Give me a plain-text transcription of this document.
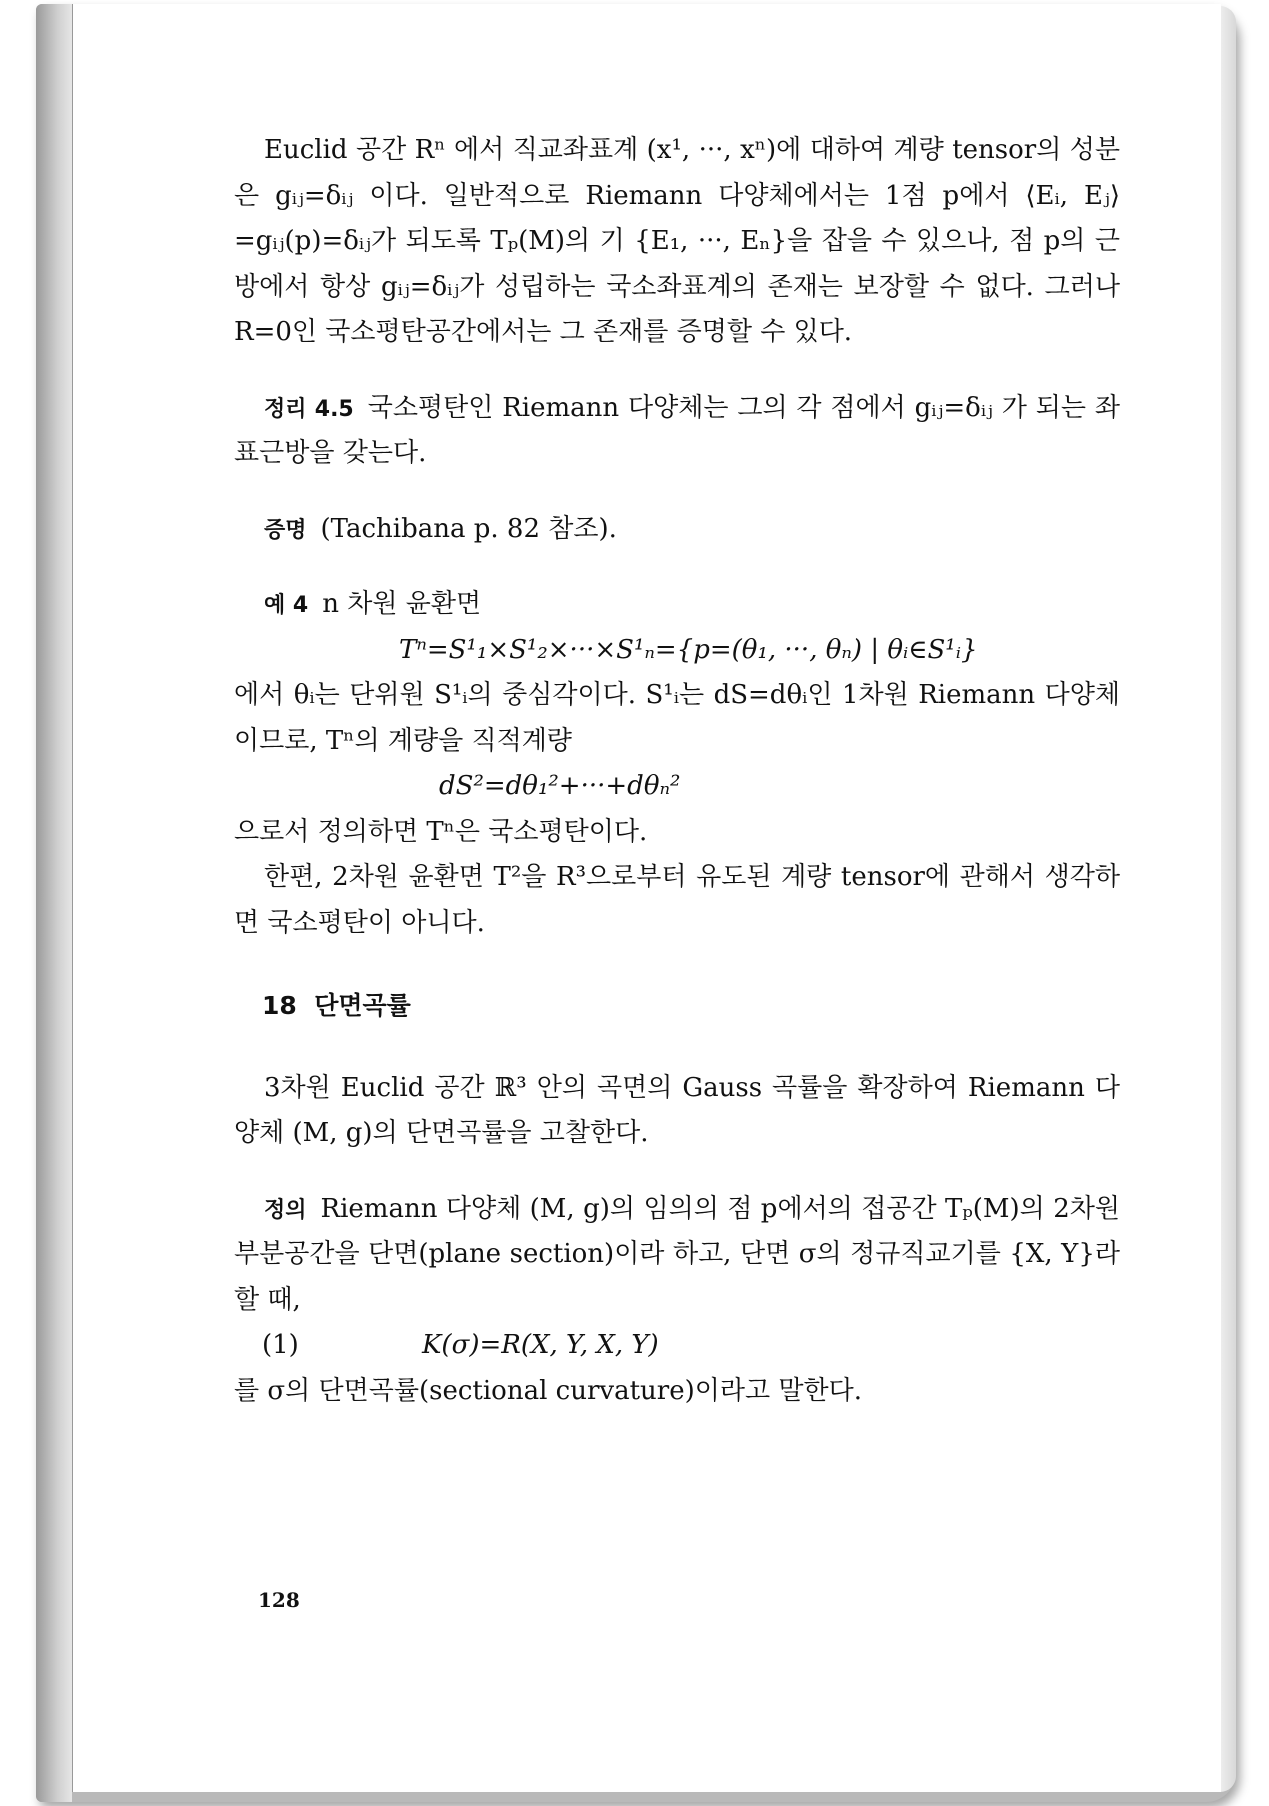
Euclid 공간 Rⁿ 에서 직교좌표계 (x¹, ···, xⁿ)에 대하여 계량 tensor의 성분은 gᵢⱼ=δᵢⱼ 이다. 일반적으로 Riemann 다양체에서는 1점 p에서 ⟨Eᵢ, Eⱼ⟩=gᵢⱼ(p)=δᵢⱼ가 되도록 Tₚ(M)의 기 {E₁, ···, Eₙ}을 잡을 수 있으나, 점 p의 근방에서 항상 gᵢⱼ=δᵢⱼ가 성립하는 국소좌표계의 존재는 보장할 수 없다. 그러나 R=0인 국소평탄공간에서는 그 존재를 증명할 수 있다.

정리 4.5 국소평탄인 Riemann 다양체는 그의 각 점에서 gᵢⱼ=δᵢⱼ 가 되는 좌표근방을 갖는다.

증명 (Tachibana p. 82 참조).

예 4 n 차원 윤환면

Tⁿ=S¹₁×S¹₂×···×S¹ₙ={p=(θ₁, ···, θₙ) | θᵢ∈S¹ᵢ}

에서 θᵢ는 단위원 S¹ᵢ의 중심각이다. S¹ᵢ는 dS=dθᵢ인 1차원 Riemann 다양체이므로, Tⁿ의 계량을 직적계량

dS²=dθ₁²+···+dθₙ²

으로서 정의하면 Tⁿ은 국소평탄이다.

한편, 2차원 윤환면 T²을 R³으로부터 유도된 계량 tensor에 관해서 생각하면 국소평탄이 아니다.

18 단면곡률

3차원 Euclid 공간 ℝ³ 안의 곡면의 Gauss 곡률을 확장하여 Riemann 다양체 (M, g)의 단면곡률을 고찰한다.

정의 Riemann 다양체 (M, g)의 임의의 점 p에서의 접공간 Tₚ(M)의 2차원 부분공간을 단면(plane section)이라 하고, 단면 σ의 정규직교기를 {X, Y}라 할 때,

(1)	K(σ)=R(X, Y, X, Y)

를 σ의 단면곡률(sectional curvature)이라고 말한다.

128
